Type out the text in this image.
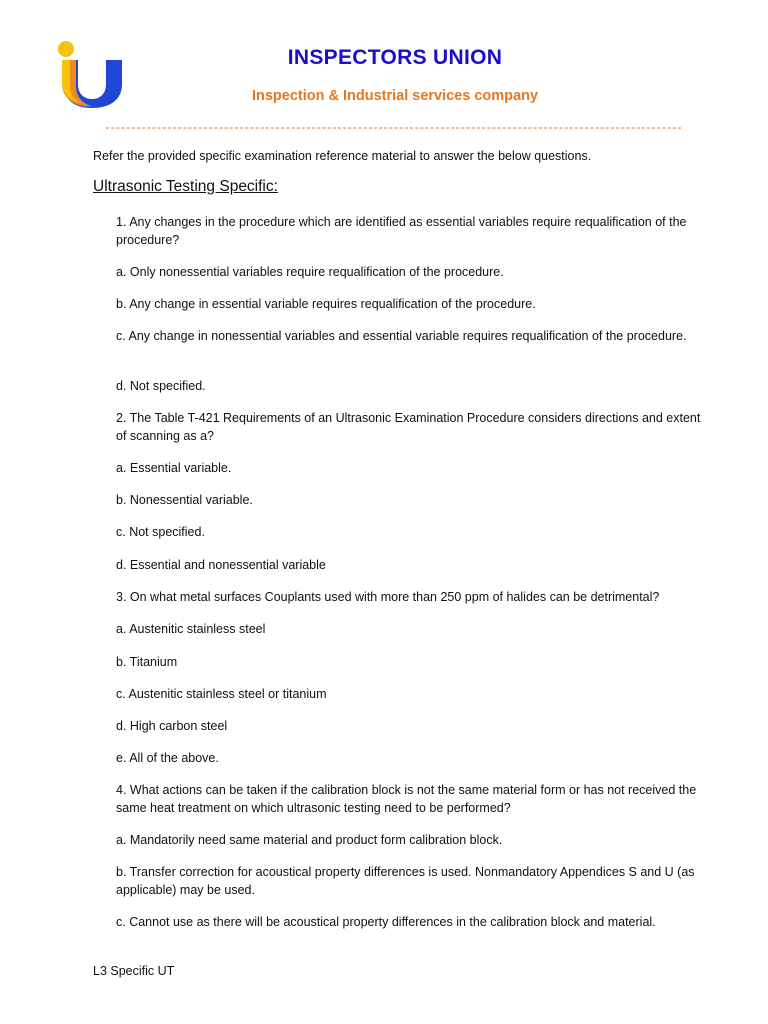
INSPECTORS UNION
Inspection & Industrial services company
----------------------------------------------------------------------------------------------------------------
Refer the provided specific examination reference material to answer the below questions.
Ultrasonic Testing Specific:
1. Any changes in the procedure which are identified as essential variables require requalification of the procedure?
a. Only nonessential variables require requalification of the procedure.
b. Any change in essential variable requires requalification of the procedure.
c. Any change in nonessential variables and essential variable requires requalification of the procedure.
d. Not specified.
2. The Table T-421 Requirements of an Ultrasonic Examination Procedure considers directions and extent of scanning as a?
a. Essential variable.
b. Nonessential variable.
c. Not specified.
d. Essential and nonessential variable
3. On what metal surfaces Couplants used with more than 250 ppm of halides can be detrimental?
a. Austenitic stainless steel
b. Titanium
c. Austenitic stainless steel or titanium
d. High carbon steel
e. All of the above.
4. What actions can be taken if the calibration block is not the same material form or has not received the same heat treatment on which ultrasonic testing need to be performed?
a. Mandatorily need same material and product form calibration block.
b. Transfer correction for acoustical property differences is used. Nonmandatory Appendices S and U (as applicable) may be used.
c. Cannot use as there will be acoustical property differences in the calibration block and material.
L3 Specific UT
